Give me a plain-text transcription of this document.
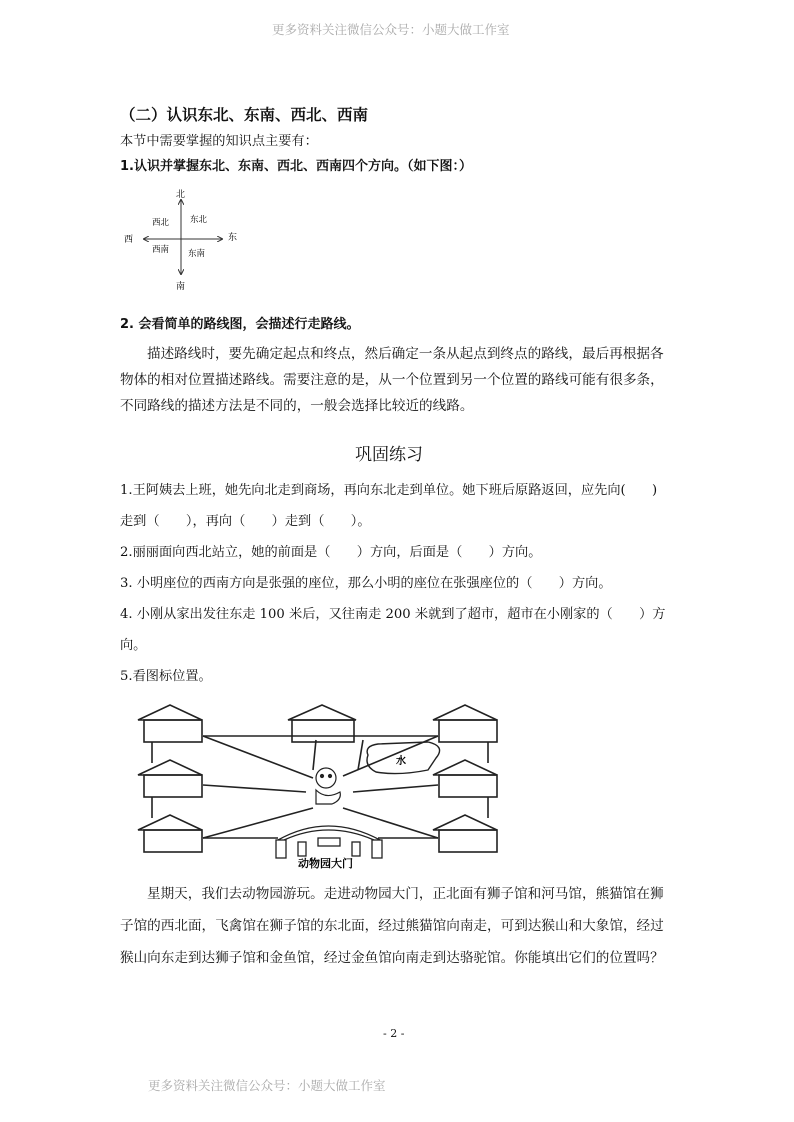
更多资料关注微信公众号：小题大做工作室
（二）认识东北、东南、西北、西南
本节中需要掌握的知识点主要有：
1.认识并掌握东北、东南、西北、西南四个方向。（如下图：）
北
南
东
西
西北 东北
西南 东南
2. 会看简单的路线图，会描述行走路线。

描述路线时，要先确定起点和终点，然后确定一条从起点到终点的路线，最后再根据各

物体的相对位置描述路线。需要注意的是，从一个位置到另一个位置的路线可能有很多条，

不同路线的描述方法是不同的，一般会选择比较近的线路。

巩固练习
1.王阿姨去上班，她先向北走到商场，再向东北走到单位。她下班后原路返回，应先向(　　)
走到（　　），再向（　　）走到（　　）。
2.丽丽面向西北站立，她的前面是（　　）方向，后面是（　　）方向。
3. 小明座位的西南方向是张强的座位，那么小明的座位在张强座位的（　　）方向。
4. 小刚从家出发往东走 100 米后，又往南走 200 米就到了超市，超市在小刚家的（　　）方
向。
5.看图标位置。
水
动物园大门

星期天，我们去动物园游玩。走进动物园大门，正北面有狮子馆和河马馆，熊猫馆在狮

子馆的西北面，飞禽馆在狮子馆的东北面，经过熊猫馆向南走，可到达猴山和大象馆，经过

猴山向东走到达狮子馆和金鱼馆，经过金鱼馆向南走到达骆驼馆。你能填出它们的位置吗？

- 2 -
更多资料关注微信公众号：小题大做工作室
